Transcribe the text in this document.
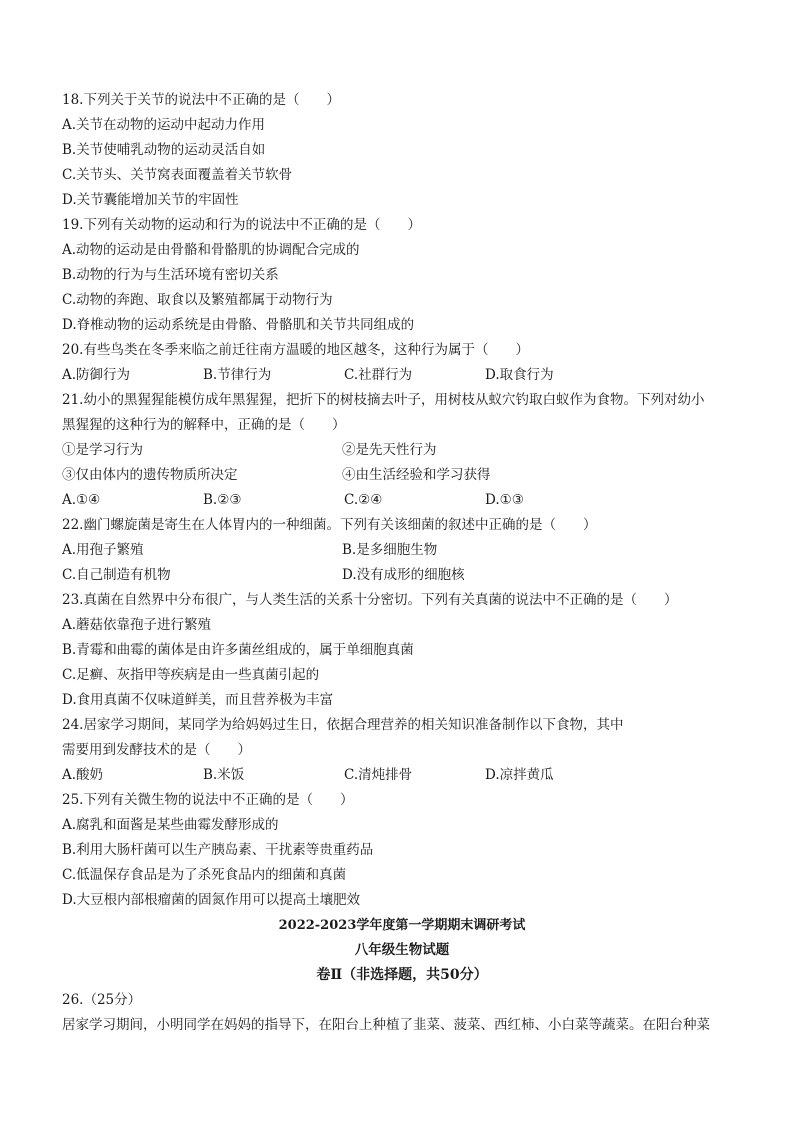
18.下列关于关节的说法中不正确的是（　　）
A.关节在动物的运动中起动力作用
B.关节使哺乳动物的运动灵活自如
C.关节头、关节窝表面覆盖着关节软骨
D.关节囊能增加关节的牢固性
19.下列有关动物的运动和行为的说法中不正确的是（　　）
A.动物的运动是由骨骼和骨骼肌的协调配合完成的
B.动物的行为与生活环境有密切关系
C.动物的奔跑、取食以及繁殖都属于动物行为
D.脊椎动物的运动系统是由骨骼、骨骼肌和关节共同组成的
20.有些鸟类在冬季来临之前迁往南方温暖的地区越冬，这种行为属于（　　）
A.防御行为	B.节律行为	C.社群行为	D.取食行为
21.幼小的黑猩猩能模仿成年黑猩猩，把折下的树枝摘去叶子，用树枝从蚁穴钓取白蚁作为食物。下列对幼小
黑猩猩的这种行为的解释中，正确的是（　　）
①是学习行为	②是先天性行为
③仅由体内的遗传物质所决定	④由生活经验和学习获得
A.①④	B.②③	C.②④	D.①③
22.幽门螺旋菌是寄生在人体胃内的一种细菌。下列有关该细菌的叙述中正确的是（　　）
A.用孢子繁殖	B.是多细胞生物
C.自己制造有机物	D.没有成形的细胞核
23.真菌在自然界中分布很广，与人类生活的关系十分密切。下列有关真菌的说法中不正确的是（　　）
A.蘑菇依靠孢子进行繁殖
B.青霉和曲霉的菌体是由许多菌丝组成的，属于单细胞真菌
C.足癣、灰指甲等疾病是由一些真菌引起的
D.食用真菌不仅味道鲜美，而且营养极为丰富
24.居家学习期间，某同学为给妈妈过生日，依据合理营养的相关知识准备制作以下食物，其中
需要用到发酵技术的是（　　）
A.酸奶	B.米饭	C.清炖排骨	D.凉拌黄瓜
25.下列有关微生物的说法中不正确的是（　　）
A.腐乳和面酱是某些曲霉发酵形成的
B.利用大肠杆菌可以生产胰岛素、干扰素等贵重药品
C.低温保存食品是为了杀死食品内的细菌和真菌
D.大豆根内部根瘤菌的固氮作用可以提高土壤肥效
2022-2023学年度第一学期期末调研考试
八年级生物试题
卷Ⅱ（非选择题，共50分）
26.（25分）
居家学习期间，小明同学在妈妈的指导下，在阳台上种植了韭菜、菠菜、西红柿、小白菜等蔬菜。在阳台种菜
